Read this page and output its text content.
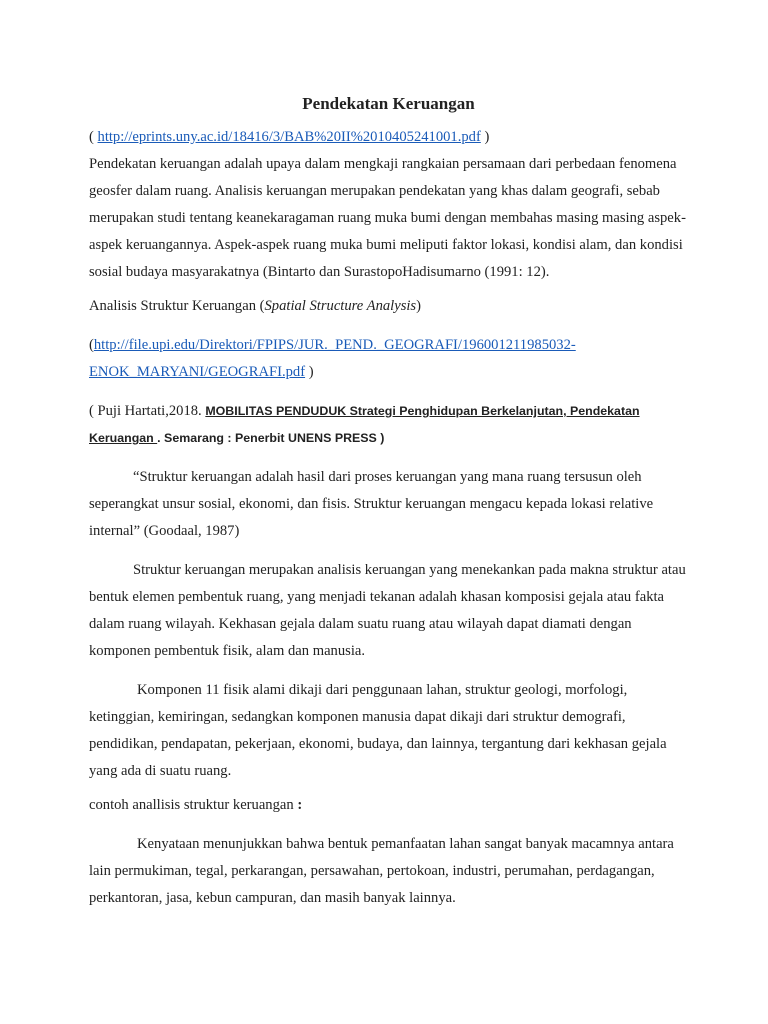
Pendekatan Keruangan

( http://eprints.uny.ac.id/18416/3/BAB%20II%2010405241001.pdf )

Pendekatan keruangan adalah upaya dalam mengkaji rangkaian persamaan dari perbedaan fenomena geosfer dalam ruang. Analisis keruangan merupakan pendekatan yang khas dalam geografi, sebab merupakan studi tentang keanekaragaman ruang muka bumi dengan membahas masing masing aspek-aspek keruangannya. Aspek-aspek ruang muka bumi meliputi faktor lokasi, kondisi alam, dan kondisi sosial budaya masyarakatnya (Bintarto dan SurastopoHadisumarno (1991: 12).

Analisis Struktur Keruangan (Spatial Structure Analysis)

(http://file.upi.edu/Direktori/FPIPS/JUR._PEND._GEOGRAFI/196001211985032-
ENOK_MARYANI/GEOGRAFI.pdf )

( Puji Hartati,2018. MOBILITAS PENDUDUK Strategi Penghidupan Berkelanjutan, Pendekatan
Keruangan . Semarang : Penerbit UNENS PRESS )

“Struktur keruangan adalah hasil dari proses keruangan yang mana ruang tersusun oleh seperangkat unsur sosial, ekonomi, dan fisis. Struktur keruangan mengacu kepada lokasi relative internal” (Goodaal, 1987)

Struktur keruangan merupakan analisis keruangan yang menekankan pada makna struktur atau bentuk elemen pembentuk ruang, yang menjadi tekanan adalah khasan komposisi gejala atau fakta dalam ruang wilayah. Kekhasan gejala dalam suatu ruang atau wilayah dapat diamati dengan komponen pembentuk fisik, alam dan manusia.

Komponen 11 fisik alami dikaji dari penggunaan lahan, struktur geologi, morfologi, ketinggian, kemiringan, sedangkan komponen manusia dapat dikaji dari struktur demografi, pendidikan, pendapatan, pekerjaan, ekonomi, budaya, dan lainnya, tergantung dari kekhasan gejala yang ada di suatu ruang.

contoh anallisis struktur keruangan :

Kenyataan menunjukkan bahwa bentuk pemanfaatan lahan sangat banyak macamnya antara lain permukiman, tegal, perkarangan, persawahan, pertokoan, industri, perumahan, perdagangan, perkantoran, jasa, kebun campuran, dan masih banyak lainnya.
